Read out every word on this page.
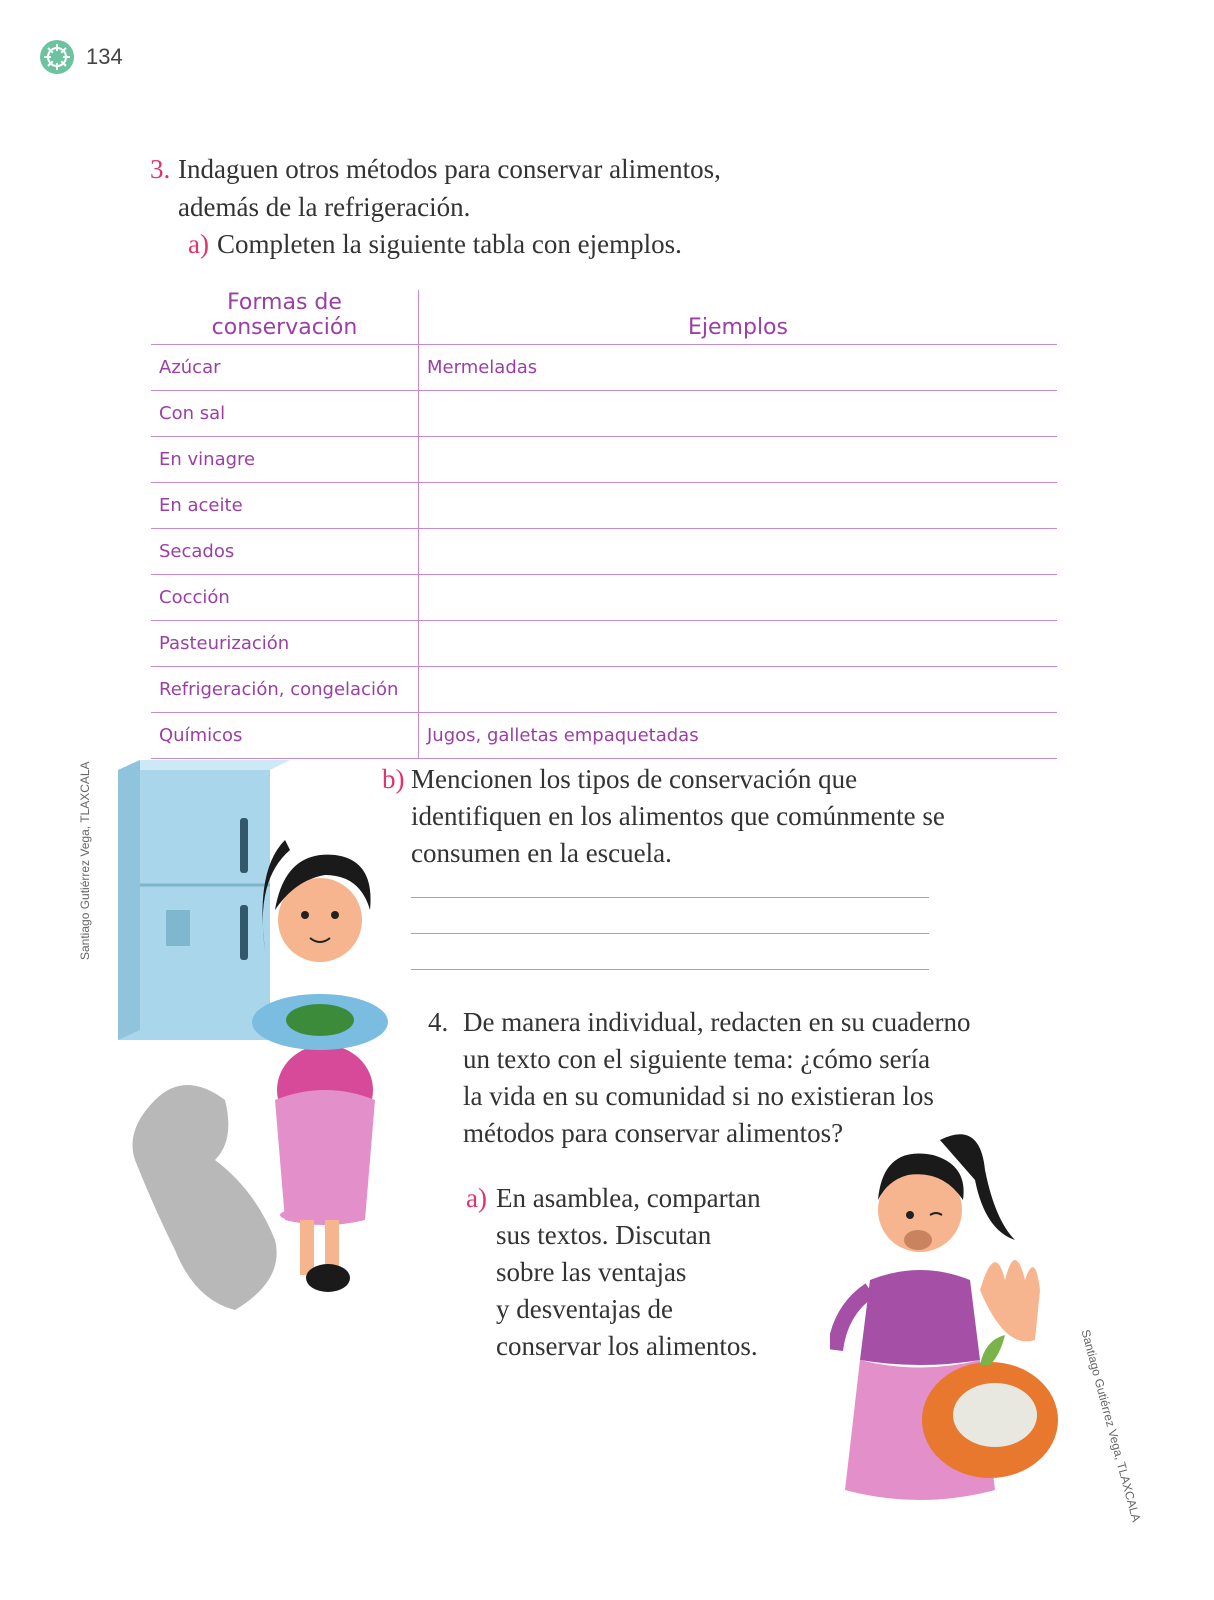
134
3. Indaguen otros métodos para conservar alimentos,
además de la refrigeración.
a) Completen la siguiente tabla con ejemplos.
Formas de conservación	Ejemplos
Azúcar	Mermeladas
Con sal	
En vinagre	
En aceite	
Secados	
Cocción	
Pasteurización	
Refrigeración, congelación	
Químicos	Jugos, galletas empaquetadas
Santiago Gutiérrez Vega, TLAXCALA	b) Mencionen los tipos de conservación que
identifiquen en los alimentos que comúnmente se
consumen en la escuela.
4. De manera individual, redacten en su cuaderno
un texto con el siguiente tema: ¿cómo sería
la vida en su comunidad si no existieran los
métodos para conservar alimentos?
a) En asamblea, compartan
sus textos. Discutan
sobre las ventajas
y desventajas de
conservar los alimentos.	Santiago Gutiérrez Vega, TLAXCALA
